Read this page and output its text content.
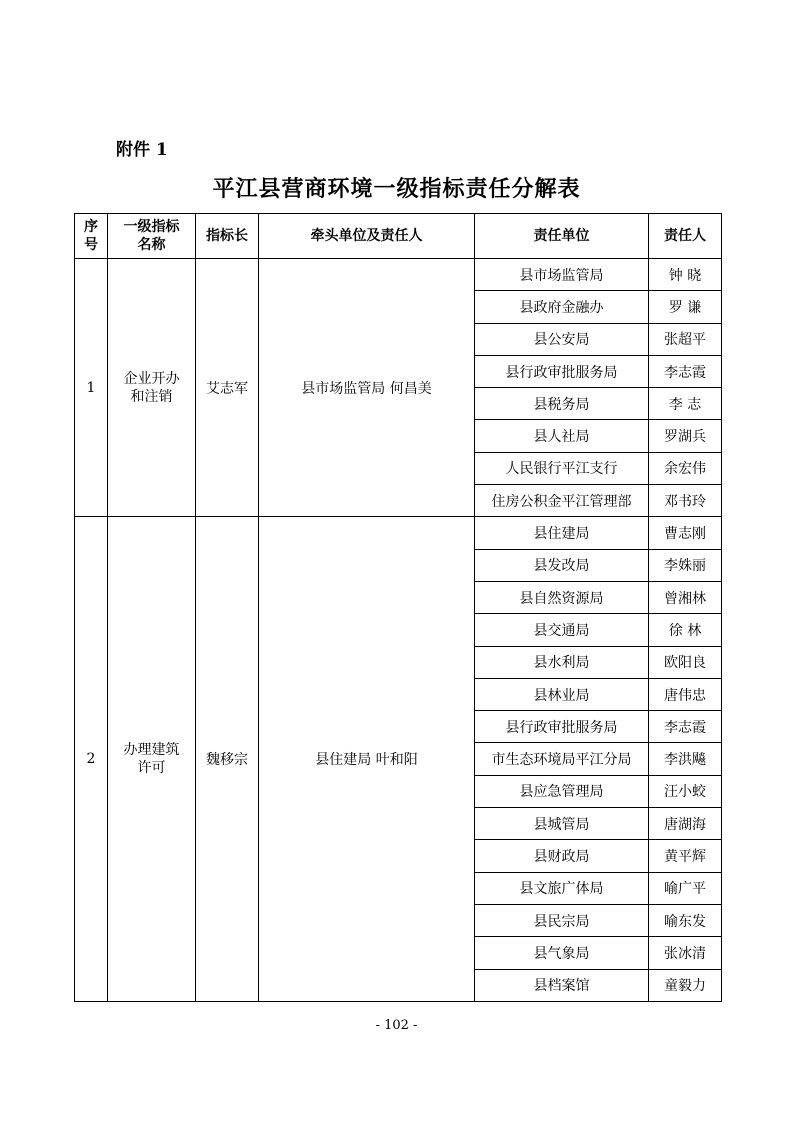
附件 1
平江县营商环境一级指标责任分解表
序号	一级指标名称	指标长	牵头单位及责任人	责任单位	责任人
1	企业开办和注销	艾志军	县市场监管局 何昌美	县市场监管局	钟 晓
				县政府金融办	罗 谦
				县公安局	张超平
				县行政审批服务局	李志霞
				县税务局	李 志
				县人社局	罗湖兵
				人民银行平江支行	余宏伟
				住房公积金平江管理部	邓书玲
2	办理建筑许可	魏移宗	县住建局 叶和阳	县住建局	曹志刚
				县发改局	李姝丽
				县自然资源局	曾湘林
				县交通局	徐 林
				县水利局	欧阳良
				县林业局	唐伟忠
				县行政审批服务局	李志霞
				市生态环境局平江分局	李洪飚
				县应急管理局	汪小蛟
				县城管局	唐湖海
				县财政局	黄平辉
				县文旅广体局	喻广平
				县民宗局	喻东发
				县气象局	张冰清
				县档案馆	童毅力
- 102 -
